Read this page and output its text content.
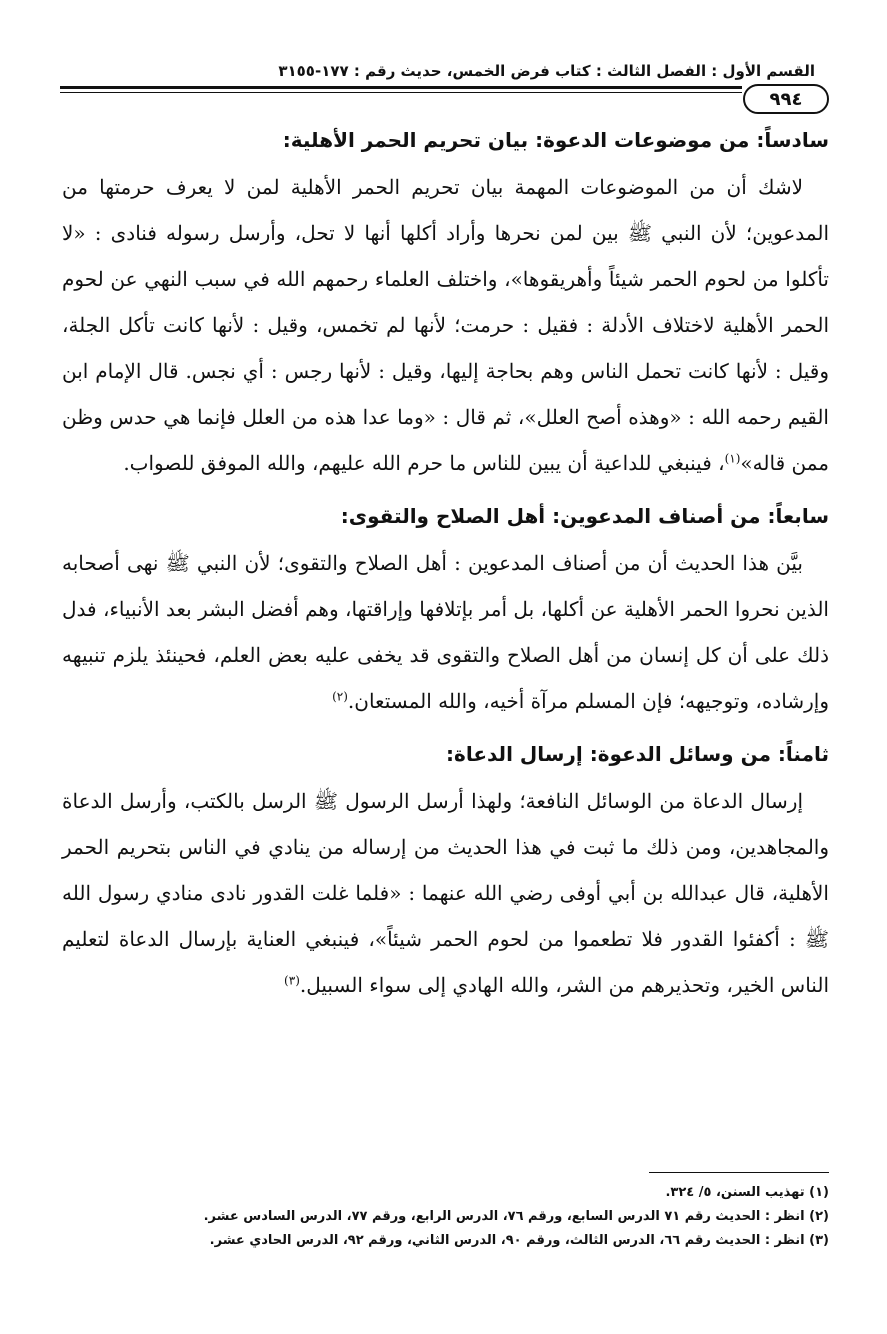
القسم الأول : الفصل الثالث : كتاب فرض الخمس، حديث رقم : ١٧٧-٣١٥٥
٩٩٤
سادساً: من موضوعات الدعوة: بيان تحريم الحمر الأهلية:

لاشك أن من الموضوعات المهمة بيان تحريم الحمر الأهلية لمن لا يعرف حرمتها من المدعوين؛ لأن النبي ﷺ بين لمن نحرها وأراد أكلها أنها لا تحل، وأرسل رسوله فنادى : «لا تأكلوا من لحوم الحمر شيئاً وأهريقوها»، واختلف العلماء رحمهم الله في سبب النهي عن لحوم الحمر الأهلية لاختلاف الأدلة : فقيل : حرمت؛ لأنها لم تخمس، وقيل : لأنها كانت تأكل الجلة، وقيل : لأنها كانت تحمل الناس وهم بحاجة إليها، وقيل : لأنها رجس : أي نجس. قال الإمام ابن القيم رحمه الله : «وهذه أصح العلل»، ثم قال : «وما عدا هذه من العلل فإنما هي حدس وظن ممن قاله»$^{(١)}$، فينبغي للداعية أن يبين للناس ما حرم الله عليهم، والله الموفق للصواب.

سابعاً: من أصناف المدعوين: أهل الصلاح والتقوى:

بيَّن هذا الحديث أن من أصناف المدعوين : أهل الصلاح والتقوى؛ لأن النبي ﷺ نهى أصحابه الذين نحروا الحمر الأهلية عن أكلها، بل أمر بإتلافها وإراقتها، وهم أفضل البشر بعد الأنبياء، فدل ذلك على أن كل إنسان من أهل الصلاح والتقوى قد يخفى عليه بعض العلم، فحينئذ يلزم تنبيهه وإرشاده، وتوجيهه؛ فإن المسلم مرآة أخيه، والله المستعان.$^{(٢)}$

ثامناً: من وسائل الدعوة: إرسال الدعاة:

إرسال الدعاة من الوسائل النافعة؛ ولهذا أرسل الرسول ﷺ الرسل بالكتب، وأرسل الدعاة والمجاهدين، ومن ذلك ما ثبت في هذا الحديث من إرساله من ينادي في الناس بتحريم الحمر الأهلية، قال عبدالله بن أبي أوفى رضي الله عنهما : «فلما غلت القدور نادى منادي رسول الله ﷺ : أكفئوا القدور فلا تطعموا من لحوم الحمر شيئاً»، فينبغي العناية بإرسال الدعاة لتعليم الناس الخير، وتحذيرهم من الشر، والله الهادي إلى سواء السبيل.$^{(٣)}$

(١) تهذيب السنن، ٥/ ٣٢٤.

(٢) انظر : الحديث رقم ٧١ الدرس السابع، ورقم ٧٦، الدرس الرابع، ورقم ٧٧، الدرس السادس عشر.

(٣) انظر : الحديث رقم ٦٦، الدرس الثالث، ورقم ٩٠، الدرس الثاني، ورقم ٩٢، الدرس الحادي عشر.
